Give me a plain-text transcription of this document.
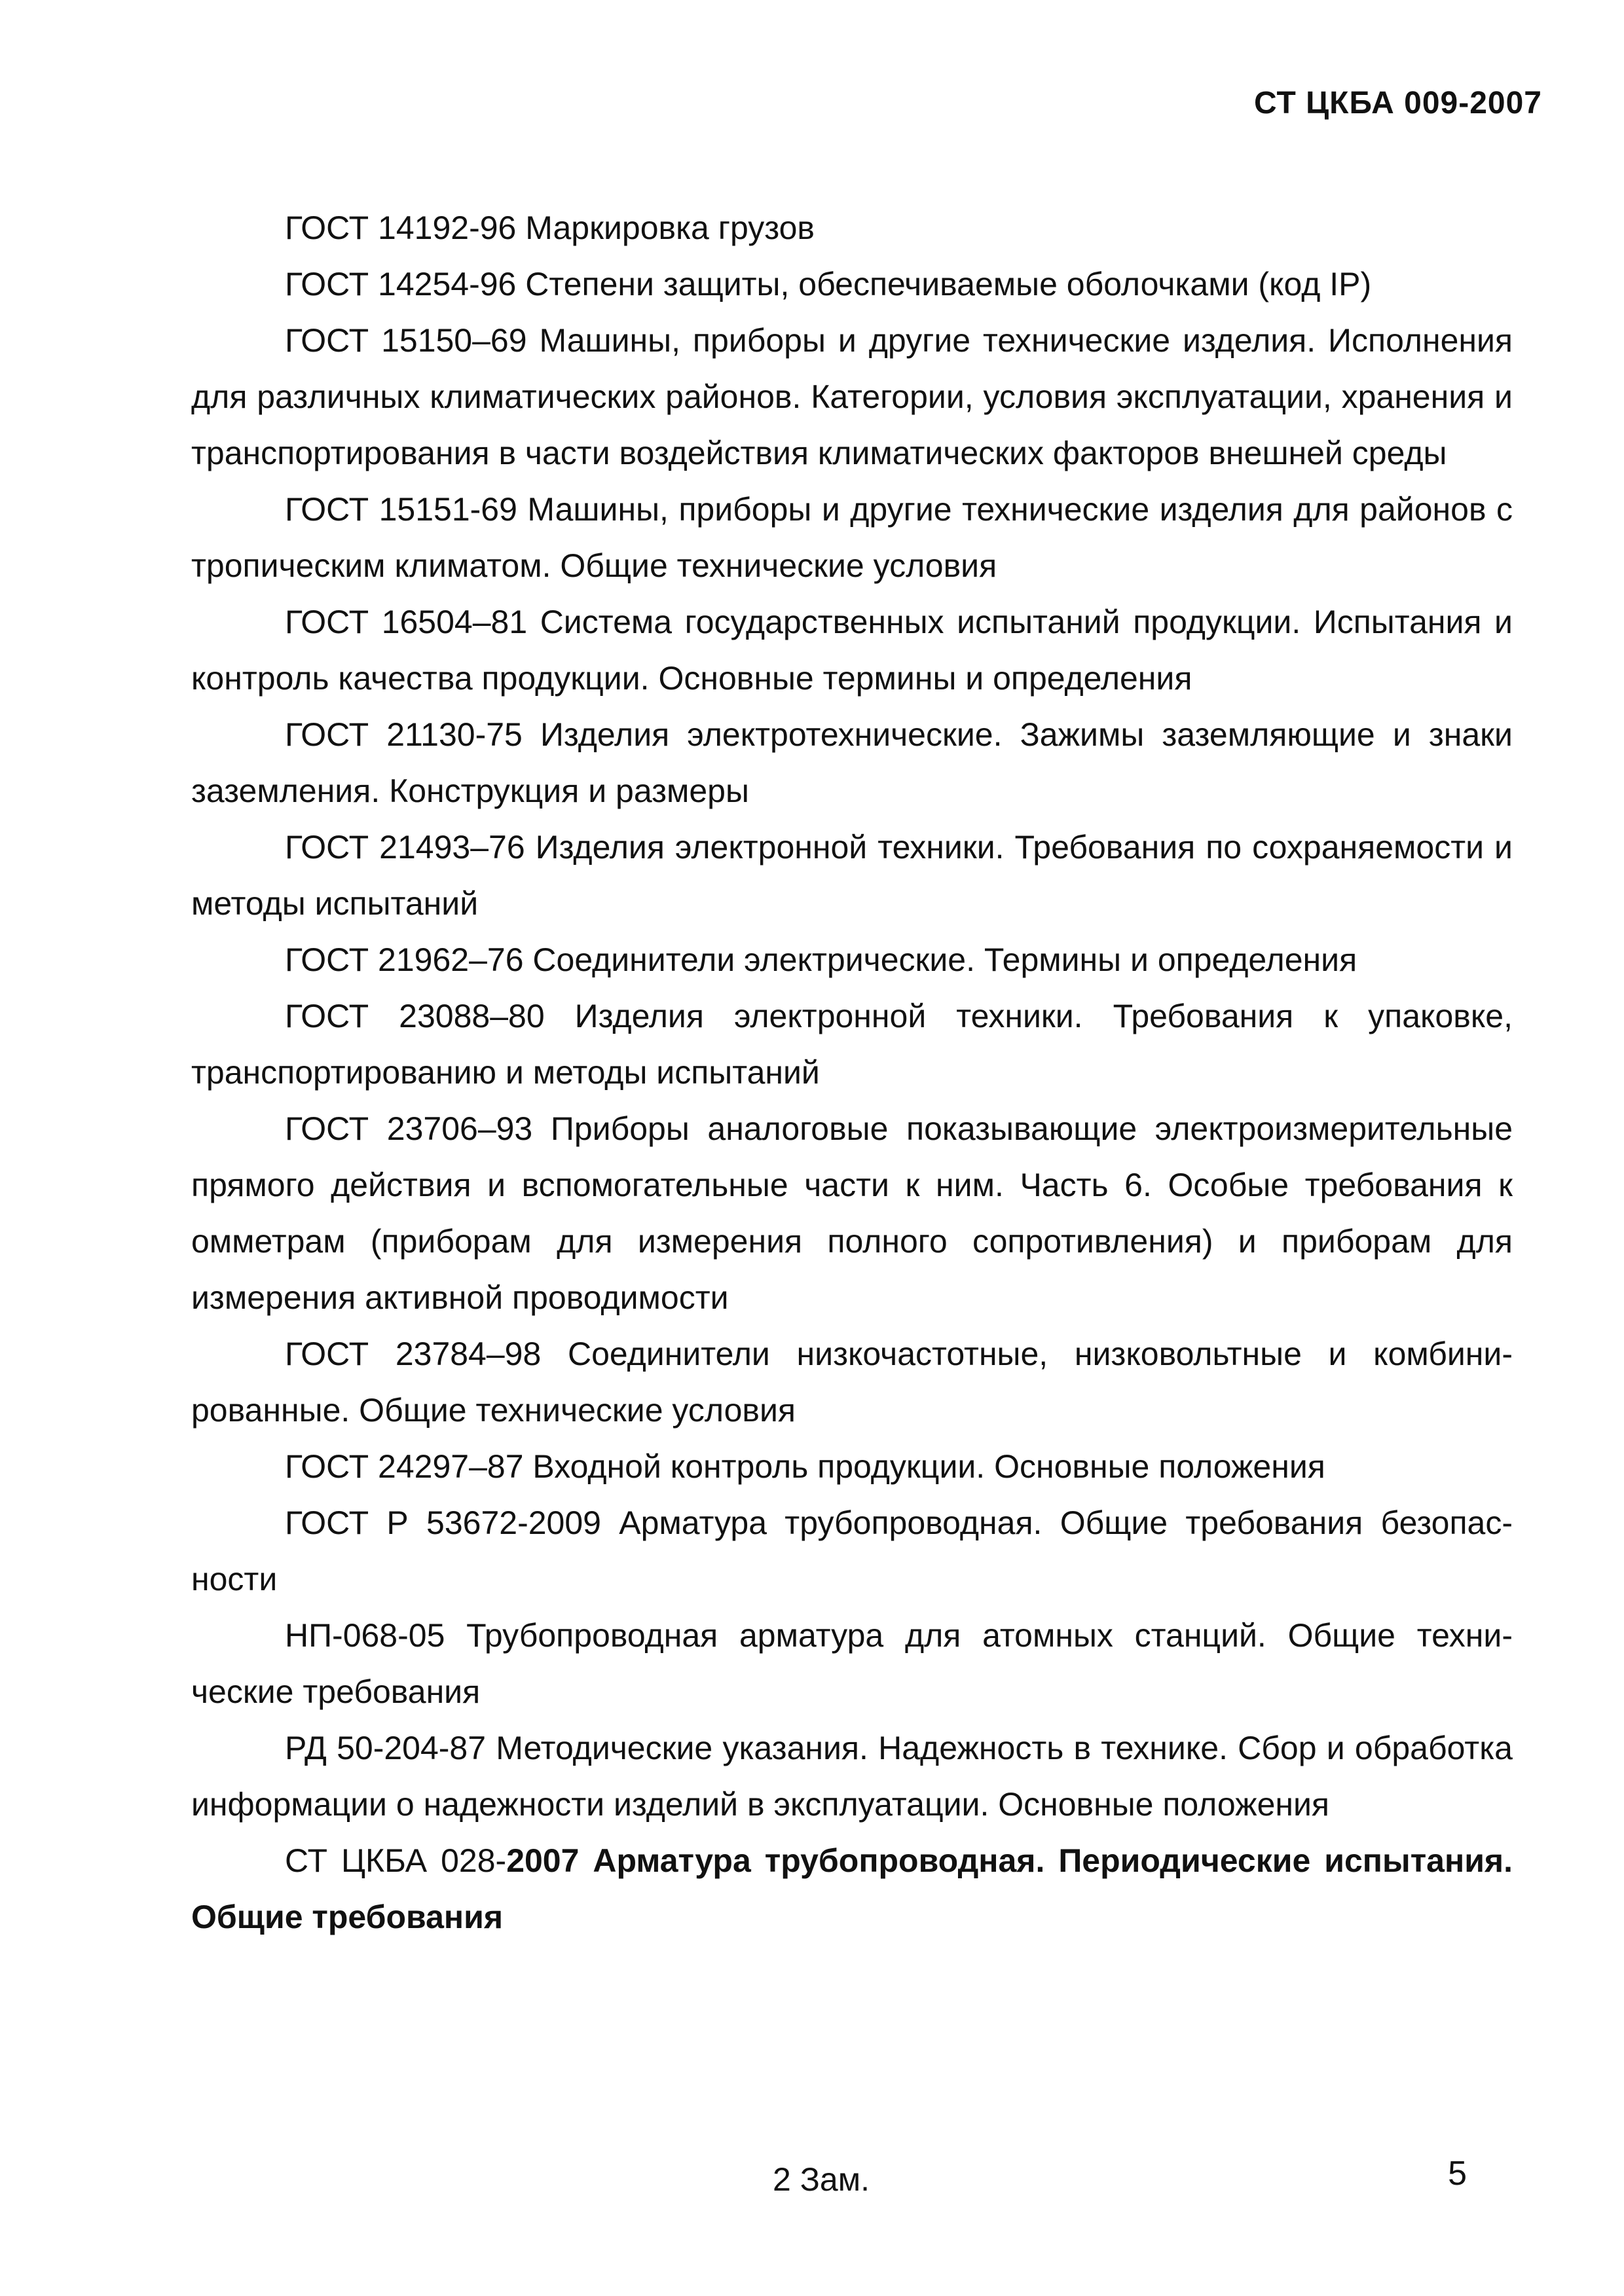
СТ ЦКБА 009-2007

ГОСТ 14192-96 Маркировка грузов

ГОСТ 14254-96 Степени защиты, обеспечиваемые оболочками (код IP)

ГОСТ 15150–69 Машины, приборы и другие технические изделия. Исполнения для различных климатических районов. Категории, условия эксплуатации, хранения и транспортирования в части воздействия климатических факторов внешней среды

ГОСТ 15151-69 Машины, приборы и другие технические изделия для районов с тропическим климатом. Общие технические условия

ГОСТ 16504–81 Система государственных испытаний продукции. Испытания и контроль качества продукции. Основные термины и определения

ГОСТ 21130-75 Изделия электротехнические. Зажимы заземляющие и знаки заземления. Конструкция и размеры

ГОСТ 21493–76 Изделия электронной техники. Требования по сохраняемости и методы испытаний

ГОСТ 21962–76 Соединители электрические. Термины и определения

ГОСТ 23088–80 Изделия электронной техники. Требования к упаковке, транспортированию и методы испытаний

ГОСТ 23706–93 Приборы аналоговые показывающие электроизмерительные прямого действия и вспомогательные части к ним. Часть 6. Особые требования к омметрам (приборам для измерения полного сопротивления) и приборам для измерения активной проводимости

ГОСТ 23784–98 Соединители низкочастотные, низковольтные и комбини-рованные. Общие технические условия

ГОСТ 24297–87 Входной контроль продукции. Основные положения

ГОСТ Р 53672-2009 Арматура трубопроводная. Общие требования безопас-ности

НП-068-05 Трубопроводная арматура для атомных станций. Общие техни-ческие требования

РД 50-204-87 Методические указания. Надежность в технике. Сбор и обработка информации о надежности изделий в эксплуатации. Основные положения

СТ ЦКБА 028-2007 Арматура трубопроводная. Периодические испытания. Общие требования

2 Зам.	5
